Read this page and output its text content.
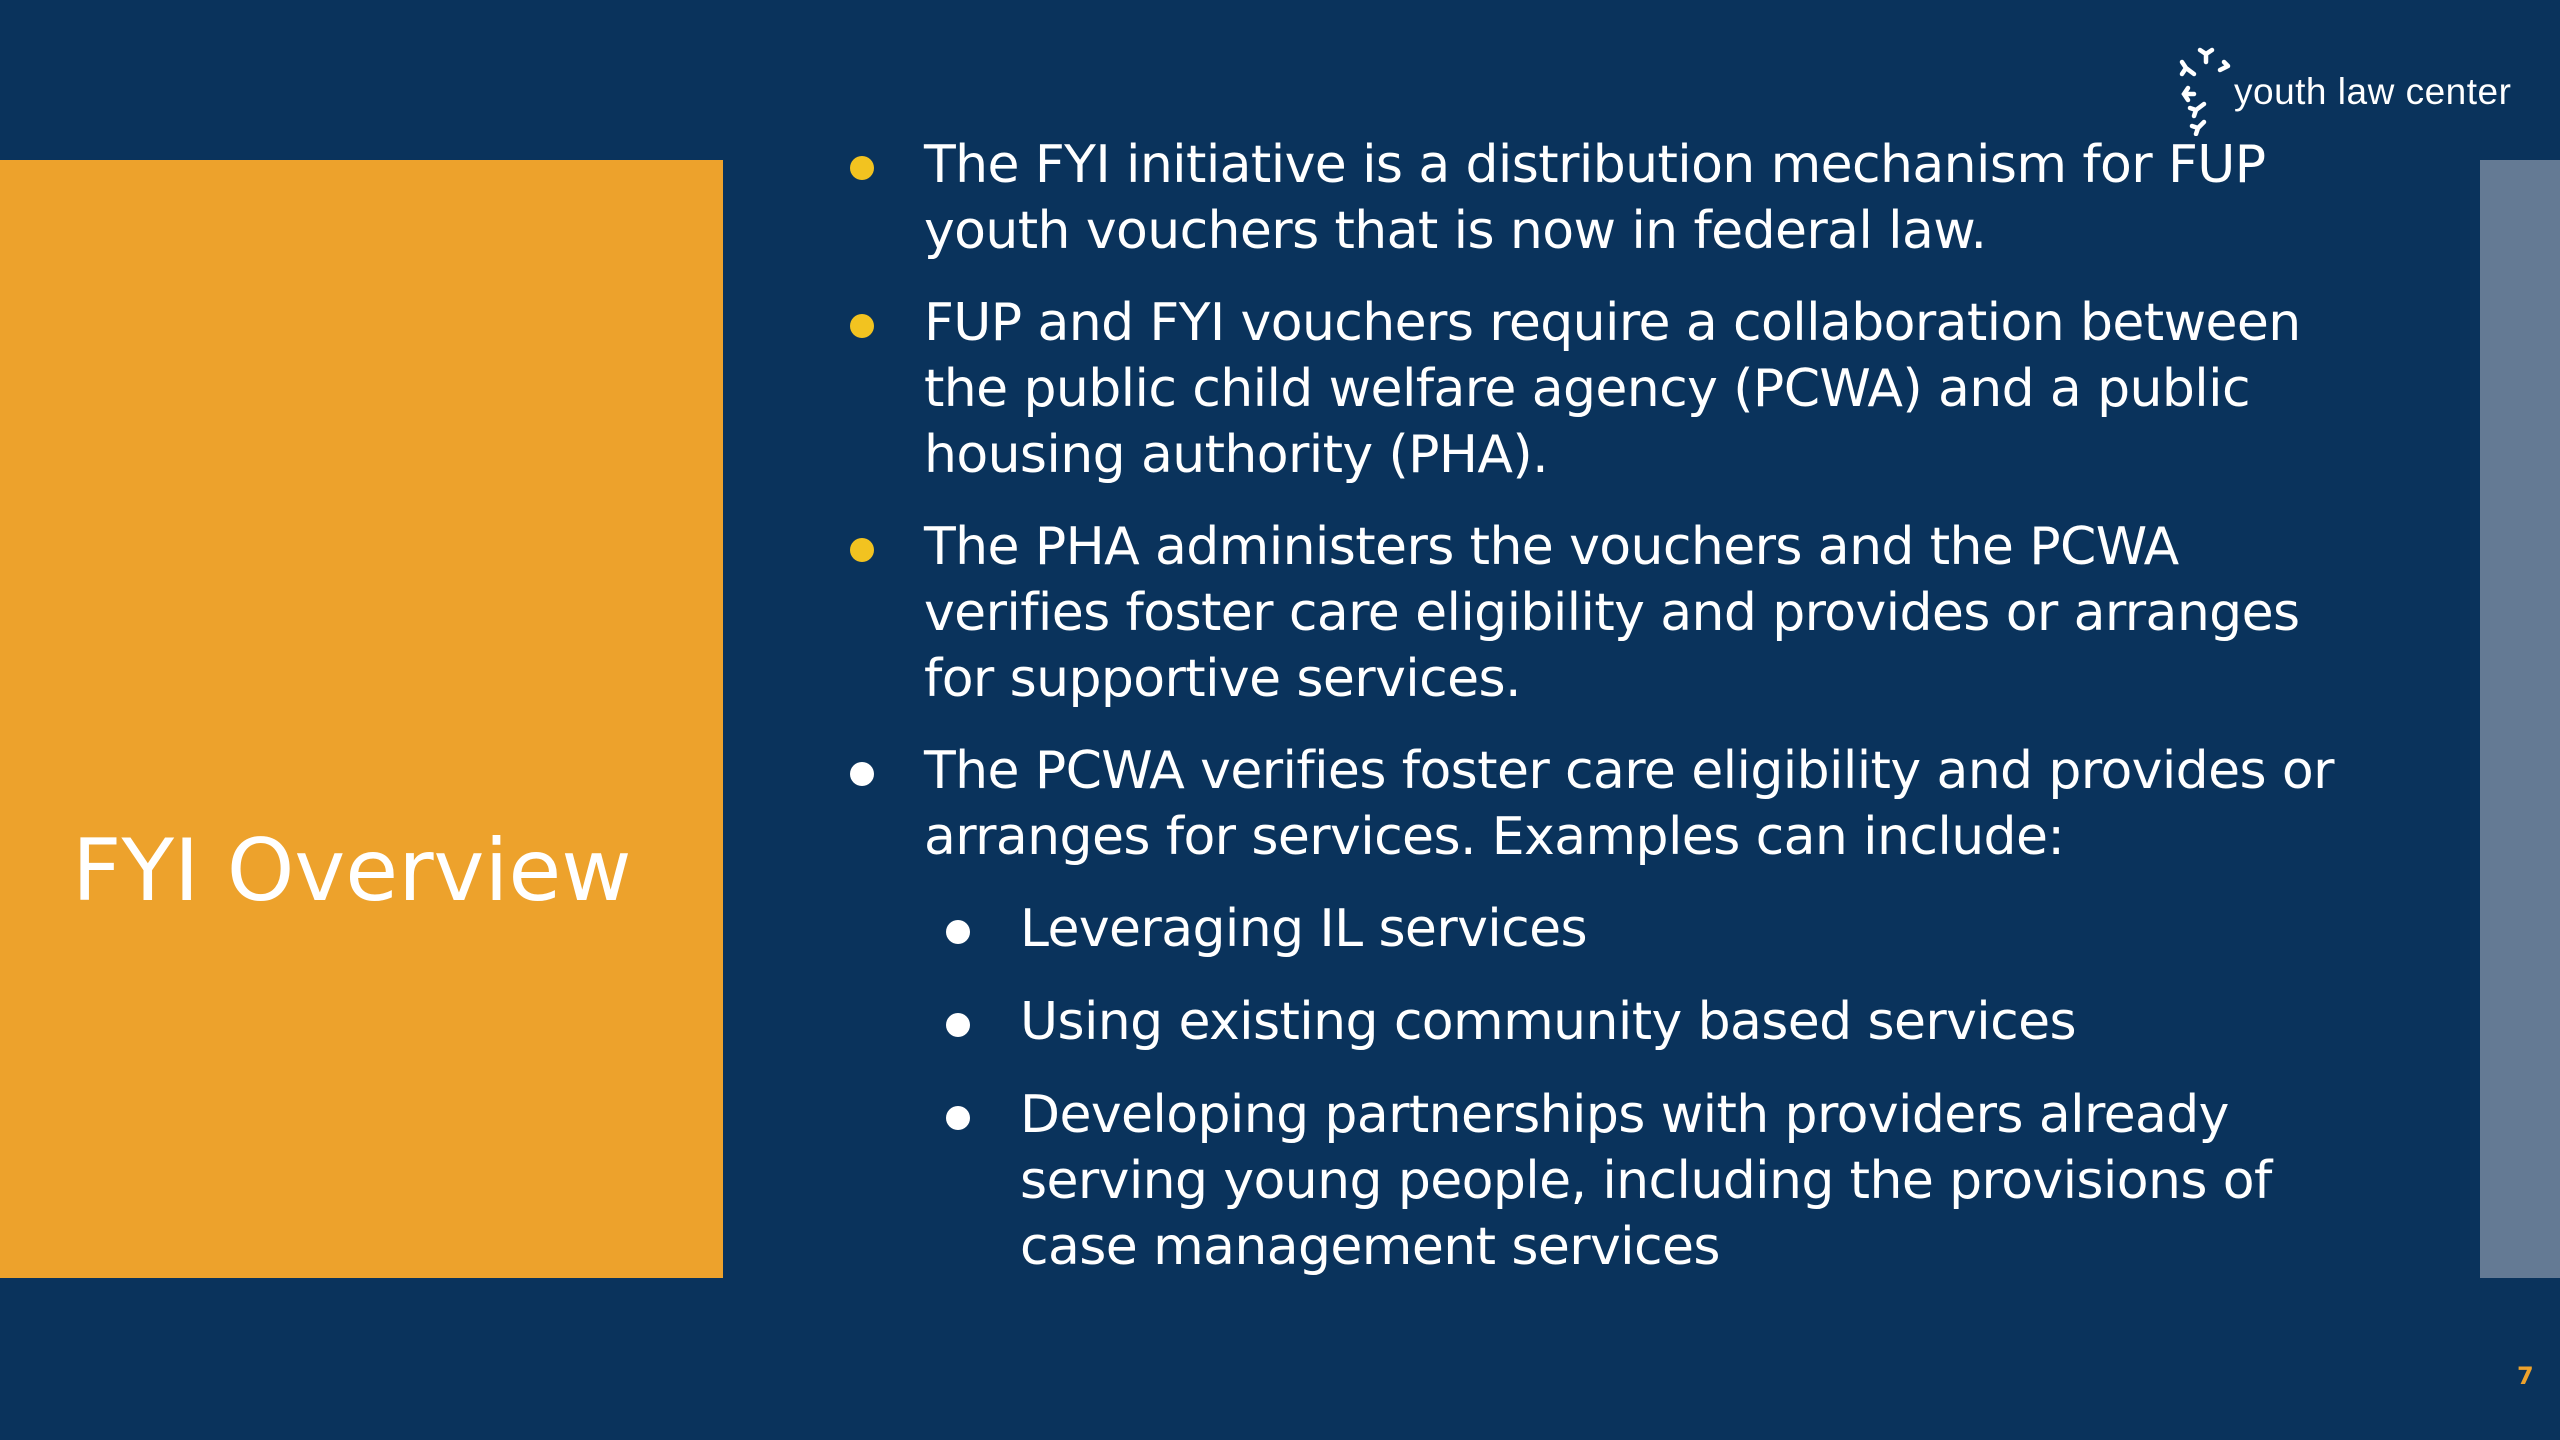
FYI Overview
youth law center
The FYI initiative is a distribution mechanism for FUP youth vouchers that is now in federal law.
FUP and FYI vouchers require a collaboration between the public child welfare agency (PCWA) and a public housing authority (PHA).
The PHA administers the vouchers and the PCWA verifies foster care eligibility and provides or arranges for supportive services.
The PCWA verifies foster care eligibility and provides or arranges for services. Examples can include:
Leveraging IL services
Using existing community based services
Developing partnerships with providers already serving young people, including the provisions of case management services
7
